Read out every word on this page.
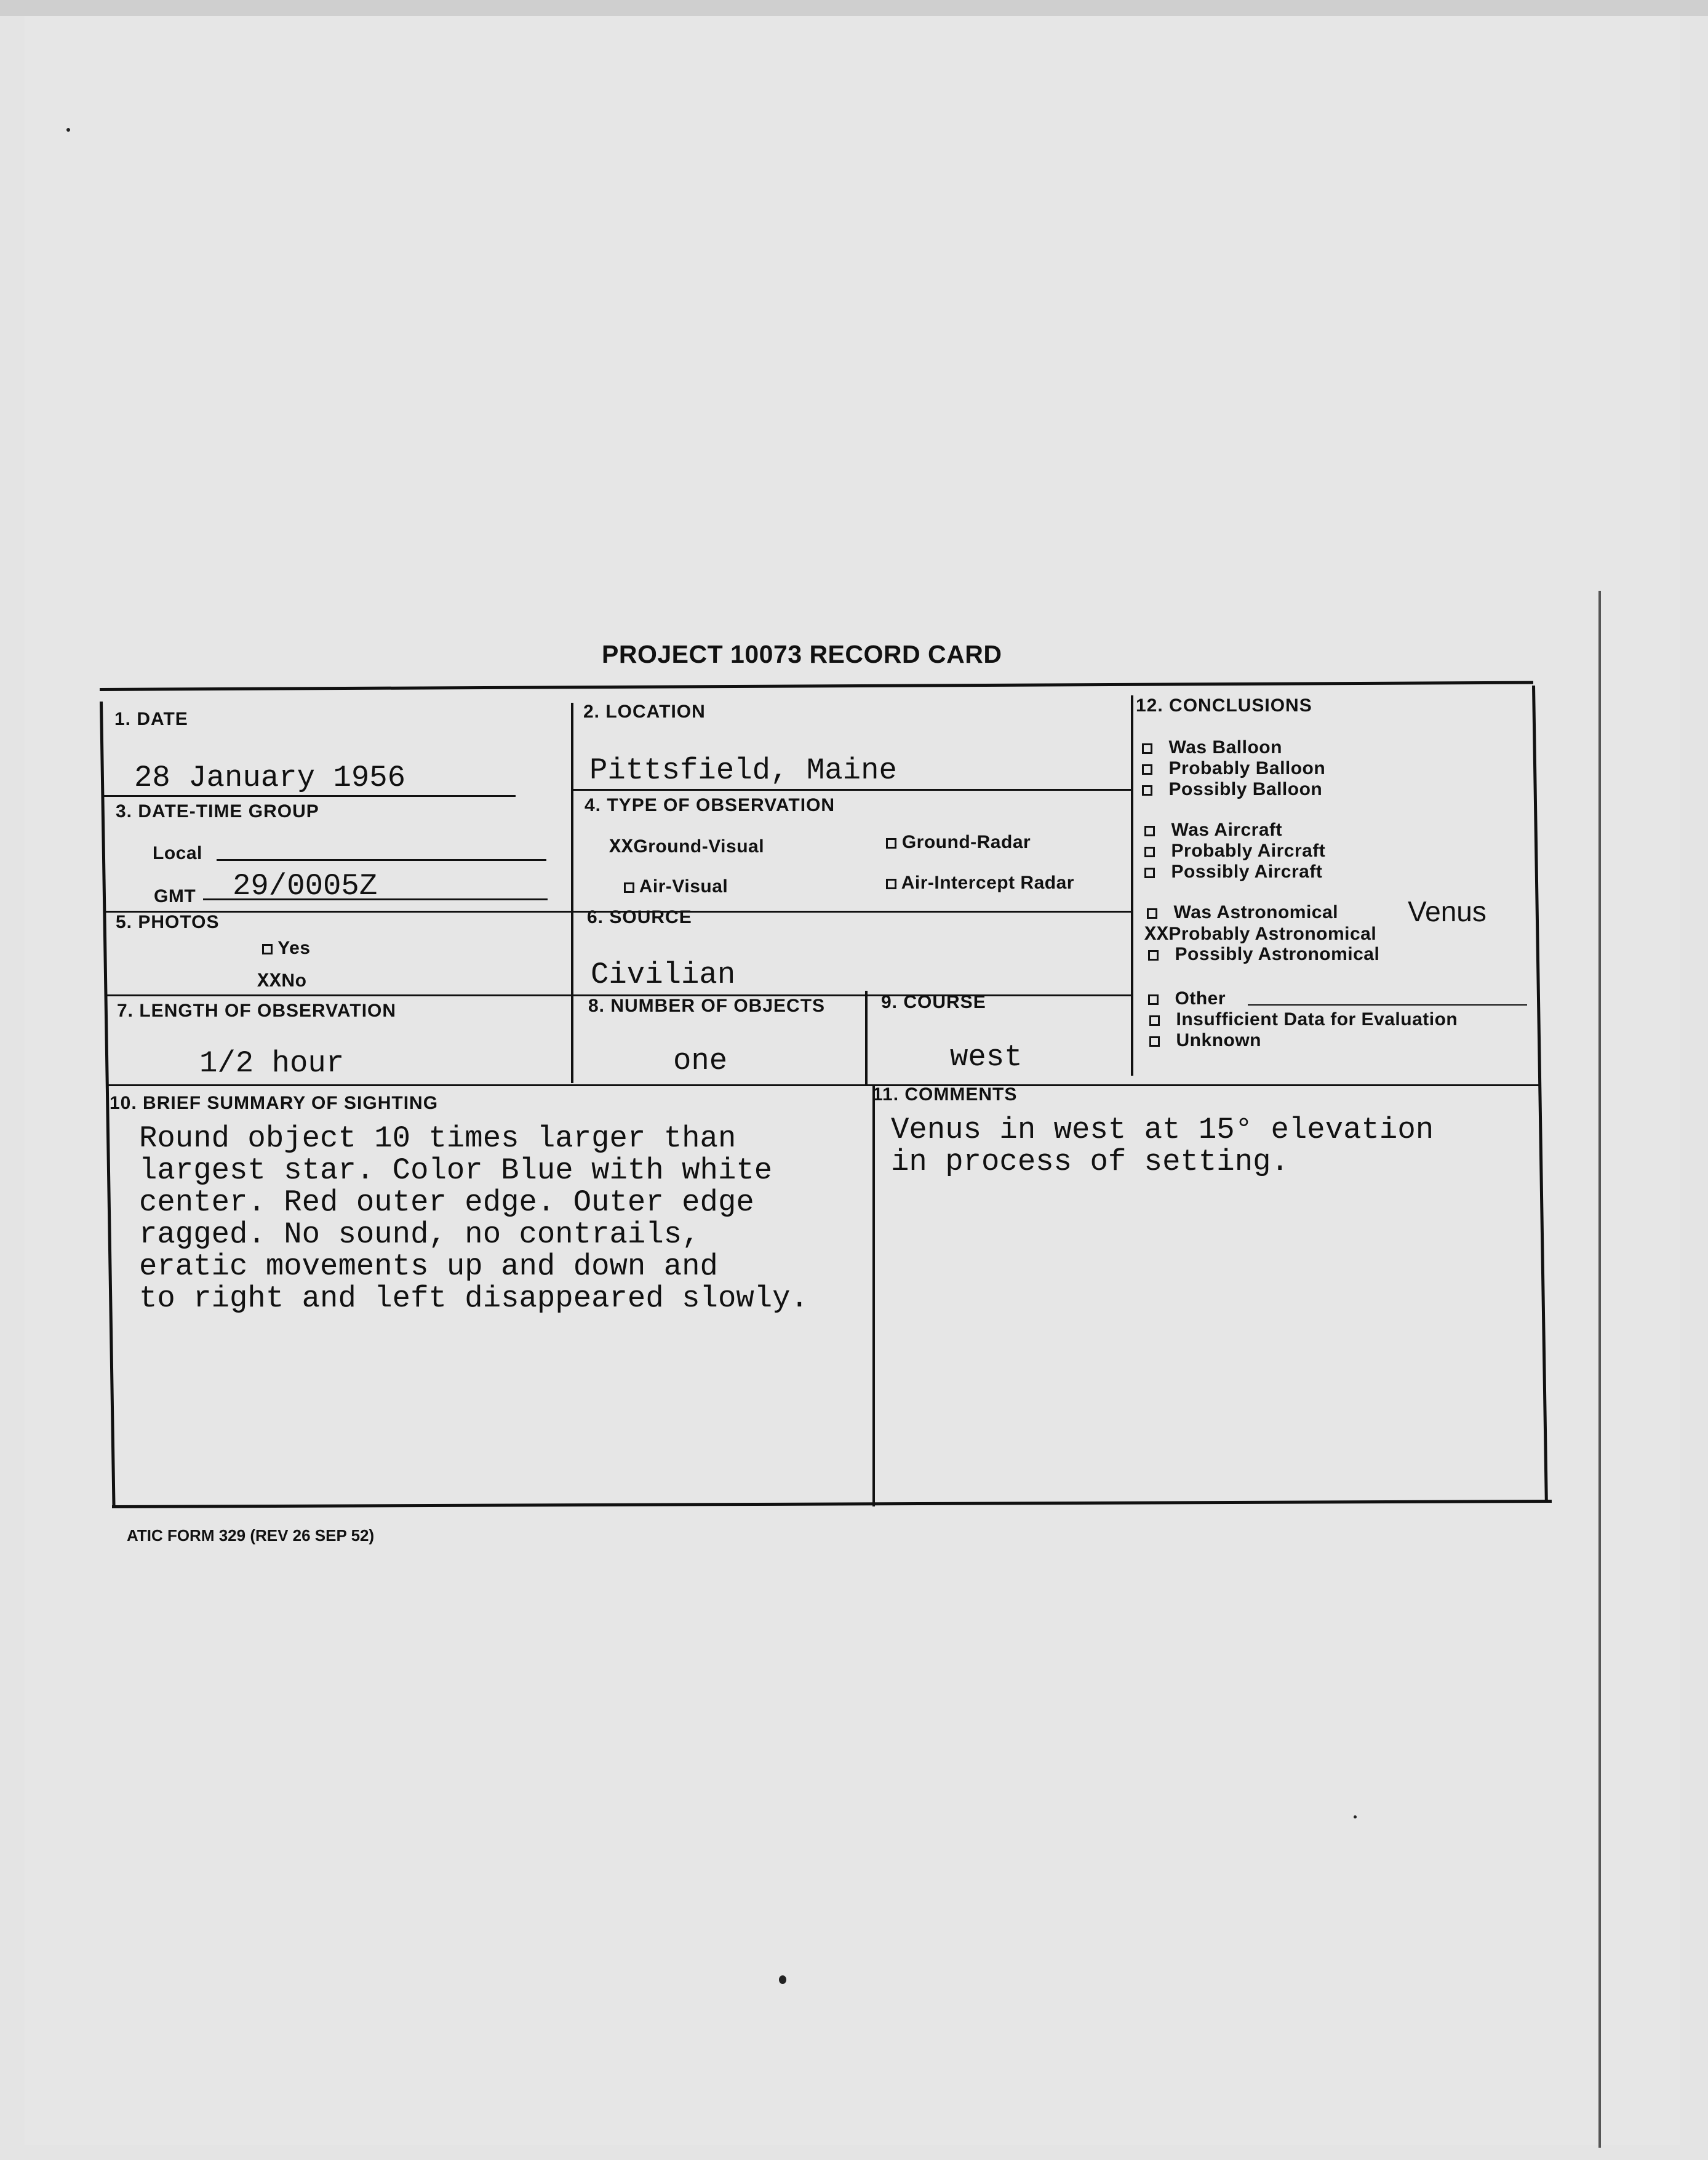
PROJECT 10073 RECORD CARD
1. DATE
28 January 1956
2. LOCATION
Pittsfield, Maine
3. DATE-TIME GROUP
Local
GMT 29/0005Z
4. TYPE OF OBSERVATION
XXGround-Visual	Ground-Radar
Air-Visual	Air-Intercept Radar
5. PHOTOS
Yes
XXNo
6. SOURCE
Civilian
7. LENGTH OF OBSERVATION
1/2 hour
8. NUMBER OF OBJECTS
one
9. COURSE
west
10. BRIEF SUMMARY OF SIGHTING
Round object 10 times larger than
largest star. Color Blue with white
center. Red outer edge. Outer edge
ragged. No sound, no contrails,
eratic movements up and down and
to right and left disappeared slowly.
11. COMMENTS
Venus in west at 15° elevation
in process of setting.
12. CONCLUSIONS
Was Balloon
Probably Balloon
Possibly Balloon
Was Aircraft
Probably Aircraft
Possibly Aircraft
Was Astronomical Venus
XXProbably Astronomical
Possibly Astronomical
Other
Insufficient Data for Evaluation
Unknown
ATIC FORM 329 (REV 26 SEP 52)
